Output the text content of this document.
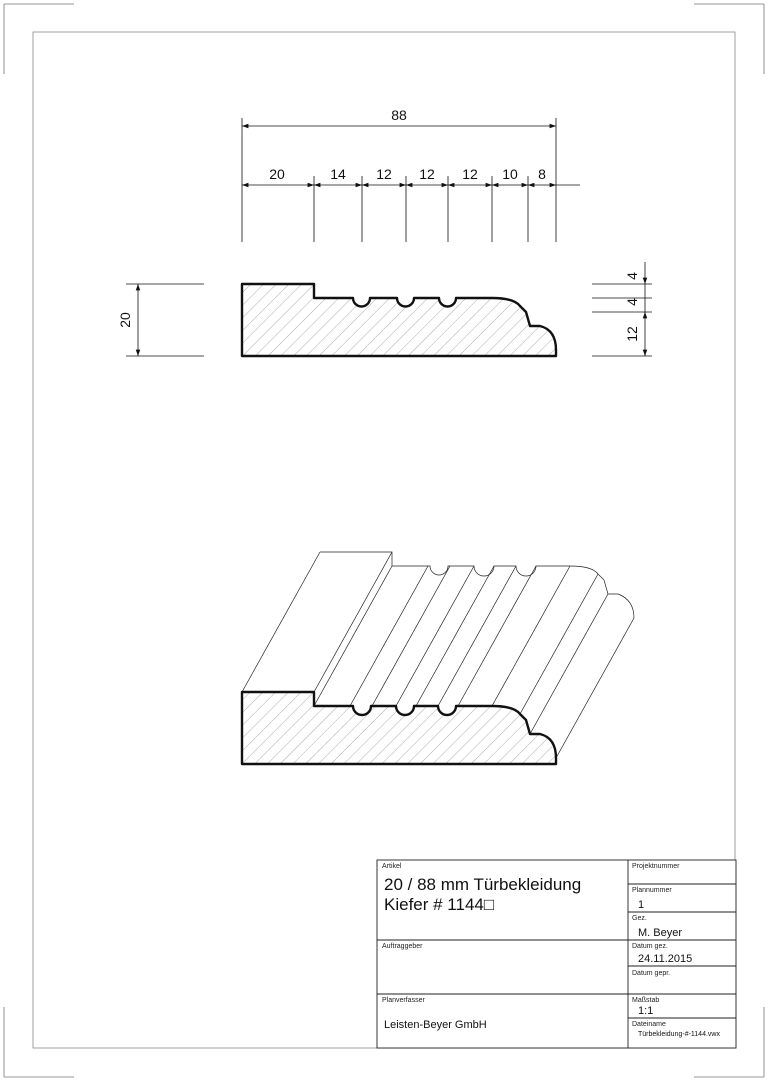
88
20	14 12 12 12 10 8
20
4
4
12
Artikel
20 / 88 mm Türbekleidung
Kiefer # 1144□
Projektnummer
Plannummer
1
Gez.
M. Beyer
Datum gez.
24.11.2015
Datum gepr.
Auftraggeber
Planverfasser
Leisten-Beyer GmbH
Maßstab
1:1
Dateiname
Türbekleidung-#-1144.vwx
